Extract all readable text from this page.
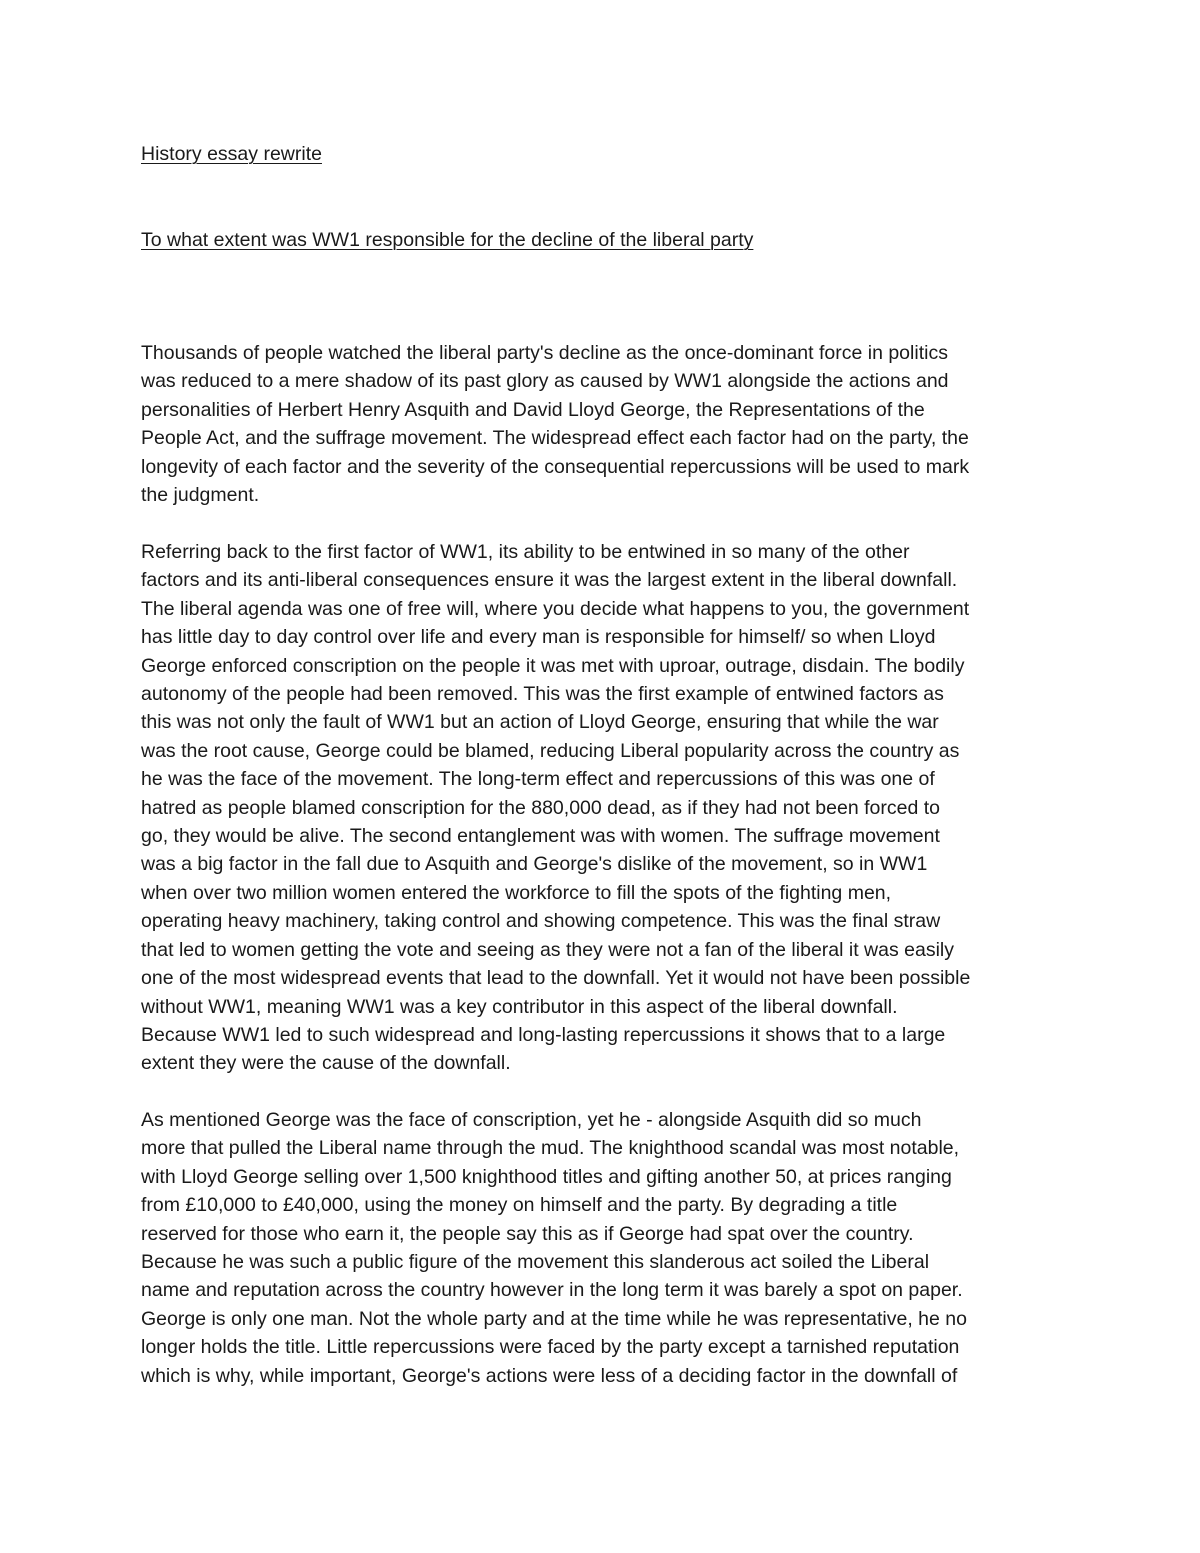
History essay rewrite
To what extent was WW1 responsible for the decline of the liberal party

Thousands of people watched the liberal party's decline as the once-dominant force in politics
was reduced to a mere shadow of its past glory as caused by WW1 alongside the actions and
personalities of Herbert Henry Asquith and David Lloyd George, the Representations of the
People Act, and the suffrage movement. The widespread effect each factor had on the party, the
longevity of each factor and the severity of the consequential repercussions will be used to mark
the judgment.

Referring back to the first factor of WW1, its ability to be entwined in so many of the other
factors and its anti-liberal consequences ensure it was the largest extent in the liberal downfall.
The liberal agenda was one of free will, where you decide what happens to you, the government
has little day to day control over life and every man is responsible for himself/ so when Lloyd
George enforced conscription on the people it was met with uproar, outrage, disdain. The bodily
autonomy of the people had been removed. This was the first example of entwined factors as
this was not only the fault of WW1 but an action of Lloyd George, ensuring that while the war
was the root cause, George could be blamed, reducing Liberal popularity across the country as
he was the face of the movement. The long-term effect and repercussions of this was one of
hatred as people blamed conscription for the 880,000 dead, as if they had not been forced to
go, they would be alive. The second entanglement was with women. The suffrage movement
was a big factor in the fall due to Asquith and George's dislike of the movement, so in WW1
when over two million women entered the workforce to fill the spots of the fighting men,
operating heavy machinery, taking control and showing competence. This was the final straw
that led to women getting the vote and seeing as they were not a fan of the liberal it was easily
one of the most widespread events that lead to the downfall. Yet it would not have been possible
without WW1, meaning WW1 was a key contributor in this aspect of the liberal downfall.
Because WW1 led to such widespread and long-lasting repercussions it shows that to a large
extent they were the cause of the downfall.

As mentioned George was the face of conscription, yet he - alongside Asquith did so much
more that pulled the Liberal name through the mud. The knighthood scandal was most notable,
with Lloyd George selling over 1,500 knighthood titles and gifting another 50, at prices ranging
from £10,000 to £40,000, using the money on himself and the party. By degrading a title
reserved for those who earn it, the people say this as if George had spat over the country.
Because he was such a public figure of the movement this slanderous act soiled the Liberal
name and reputation across the country however in the long term it was barely a spot on paper.
George is only one man. Not the whole party and at the time while he was representative, he no
longer holds the title. Little repercussions were faced by the party except a tarnished reputation
which is why, while important, George's actions were less of a deciding factor in the downfall of
